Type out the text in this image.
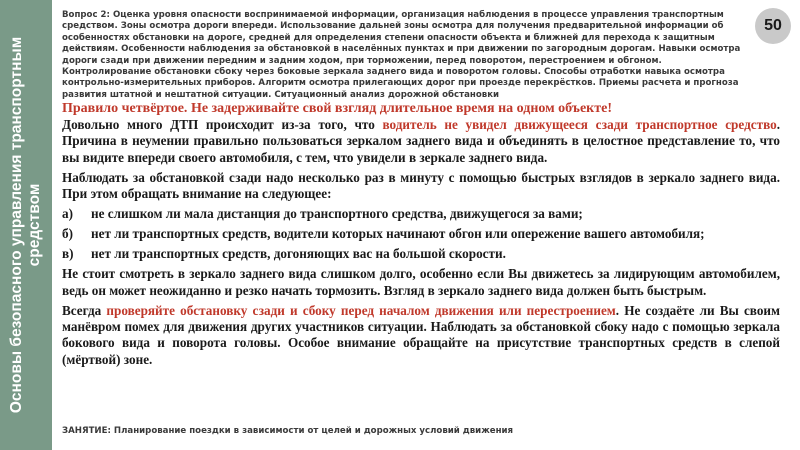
Основы безопасного управления транспортным средством
Вопрос 2: Оценка уровня опасности воспринимаемой информации, организация наблюдения в процессе управления транспортным средством. Зоны осмотра дороги впереди. Использование дальней зоны осмотра для получения предварительной информации об особенностях обстановки на дороге, средней для определения степени опасности объекта и ближней для перехода к защитным действиям. Особенности наблюдения за обстановкой в населённых пунктах и при движении по загородным дорогам. Навыки осмотра дороги сзади при движении передним и задним ходом, при торможении, перед поворотом, перестроением и обгоном. Контролирование обстановки сбоку через боковые зеркала заднего вида и поворотом головы. Способы отработки навыка осмотра контрольно-измерительных приборов. Алгоритм осмотра прилегающих дорог при проезде перекрёстков. Приемы расчета и прогноза развития штатной и нештатной ситуации. Ситуационный анализ дорожной обстановки
50
Правило четвёртое. Не задерживайте свой взгляд длительное время на одном объекте!

Довольно много ДТП происходит из-за того, что водитель не увидел движущееся сзади транспортное средство. Причина в неумении правильно пользоваться зеркалом заднего вида и объединять в целостное представление то, что вы видите впереди своего автомобиля, с тем, что увидели в зеркале заднего вида.

Наблюдать за обстановкой сзади надо несколько раз в минуту с помощью быстрых взглядов в зеркало заднего вида. При этом обращать внимание на следующее:

а)	не слишком ли мала дистанция до транспортного средства, движущегося за вами;

б)	нет ли транспортных средств, водители которых начинают обгон или опережение вашего автомобиля;

в)	нет ли транспортных средств, догоняющих вас на большой скорости.

Не стоит смотреть в зеркало заднего вида слишком долго, особенно если Вы движетесь за лидирующим автомобилем, ведь он может неожиданно и резко начать тормозить. Взгляд в зеркало заднего вида должен быть быстрым.

Всегда проверяйте обстановку сзади и сбоку перед началом движения или перестроением. Не создаёте ли Вы своим манёвром помех для движения других участников ситуации. Наблюдать за обстановкой сбоку надо с помощью зеркала бокового вида и поворота головы. Особое внимание обращайте на присутствие транспортных средств в слепой (мёртвой) зоне.

ЗАНЯТИЕ: Планирование поездки в зависимости от целей и дорожных условий движения
